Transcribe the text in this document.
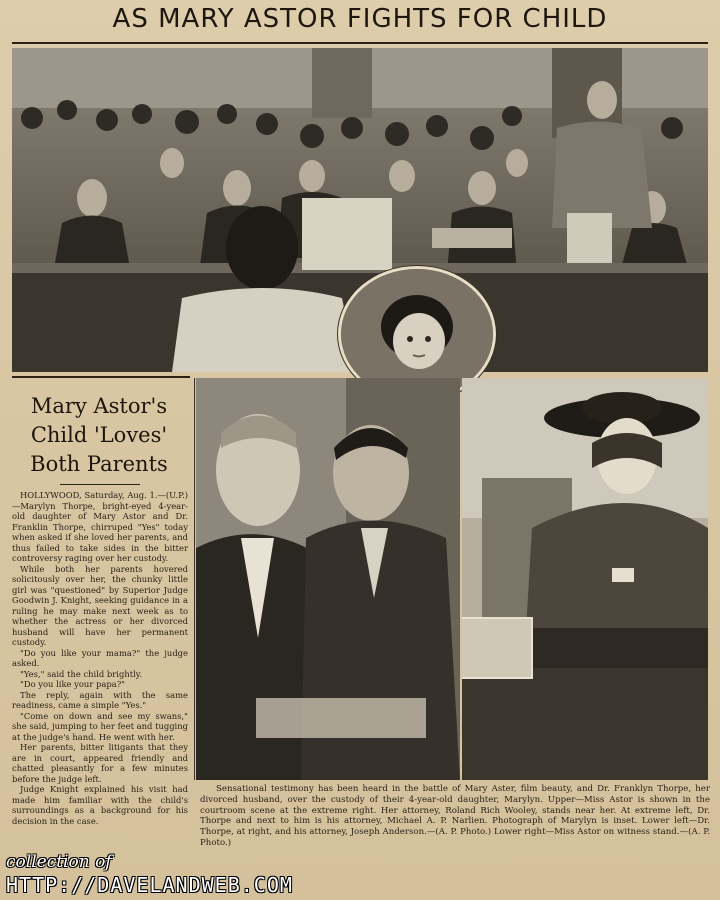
AS MARY ASTOR FIGHTS FOR CHILD
Mary Astor's
Child 'Loves'
Both Parents

HOLLYWOOD, Saturday, Aug. 1.—(U.P.)—Marylyn Thorpe, bright-eyed 4-year-old daughter of Mary Astor and Dr. Franklin Thorpe, chirruped "Yes" today when asked if she loved her parents, and thus failed to take sides in the bitter controversy raging over her custody.

While both her parents hovered solicitously over her, the chunky little girl was "questioned" by Superior Judge Goodwin J. Knight, seeking guidance in a ruling he may make next week as to whether the actress or her divorced husband will have her permanent custody.

"Do you like your mama?" the judge asked.

"Yes," said the child brightly.

"Do you like your papa?"

The reply, again with the same readiness, came a simple "Yes."

"Come on down and see my swans," she said, jumping to her feet and tugging at the judge's hand. He went with her.

Her parents, bitter litigants that they are in court, appeared friendly and chatted pleasantly for a few minutes before the judge left.

Judge Knight explained his visit had made him familiar with the child's surroundings as a background for his decision in the case.

Sensational testimony has been heard in the battle of Mary Aster, film beauty, and Dr. Franklyn Thorpe, her divorced husband, over the custody of their 4-year-old daughter, Marylyn. Upper—Miss Astor is shown in the courtroom scene at the extreme right. Her attorney, Roland Rich Wooley, stands near her. At extreme left, Dr. Thorpe and next to him is his attorney, Michael A. P. Narlien. Photograph of Marylyn is inset. Lower left—Dr. Thorpe, at right, and his attorney, Joseph Anderson.—(A. P. Photo.) Lower right—Miss Astor on witness stand.—(A. P. Photo.)
collection of
HTTP://DAVELANDWEB.COM
